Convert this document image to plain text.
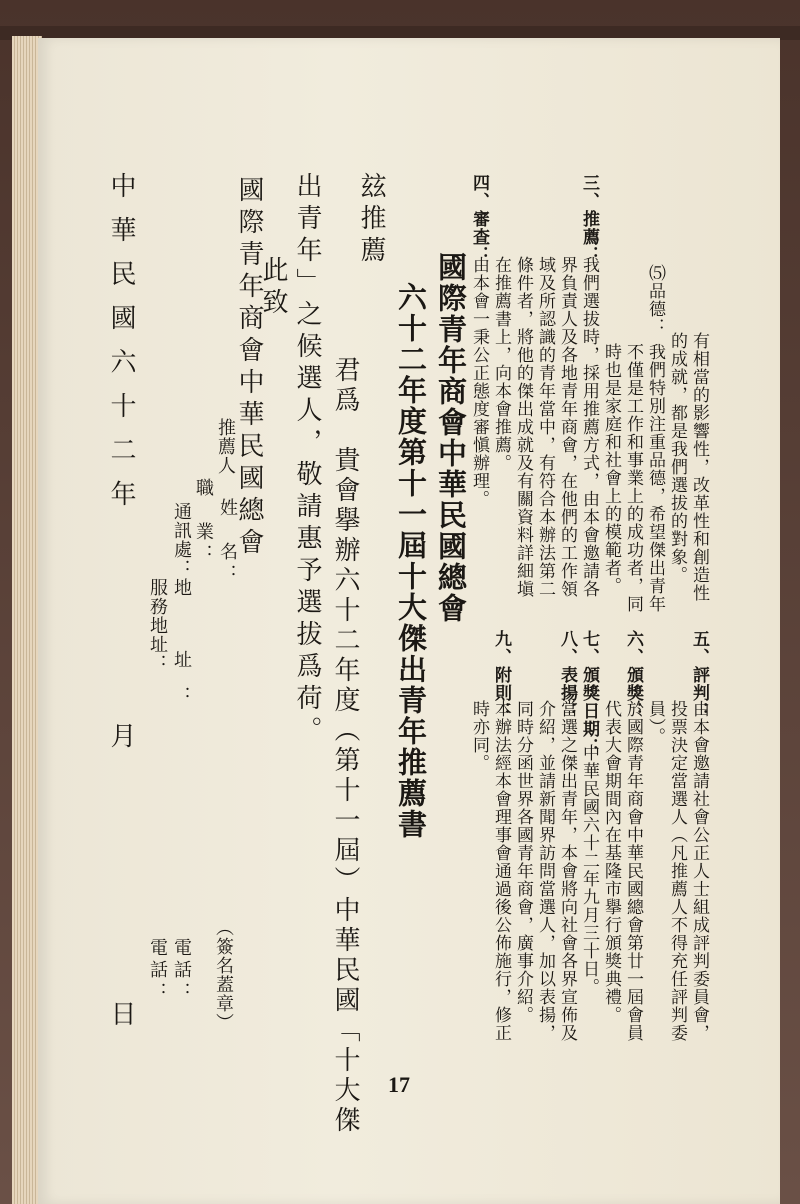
有相當的影響性，改革性和創造性
的成就，都是我們選拔的對象。
⑸品德：
我們特別注重品德，希望傑出青年
不僅是工作和事業上的成功者，同
時也是家庭和社會上的模範者。
三、推薦：
我們選拔時，採用推薦方式，由本會邀請各
界負責人及各地青年商會，在他們的工作領
域及所認識的青年當中，有符合本辦法第二
條件者，將他的傑出成就及有關資料詳細塡
在推薦書上，向本會推薦。
四、審查：
由本會一秉公正態度審愼辦理。
五、評判：
由本會邀請社會公正人士組成評判委員會，
投票決定當選人（凡推薦人不得充任評判委
員）。
六、頒獎：
於國際青年商會中華民國總會第廿一屆會員
代表大會期間內在基隆市擧行頒獎典禮。
七、頒獎日期：
中華民國六十二年九月三十日。
八、表揚：
當選之傑出青年，本會將向社會各界宣佈及
介紹，並請新聞界訪問當選人，加以表揚，
同時分函世界各國青年商會，廣事介紹。
九、附則：
本辦法經本會理事會通過後公佈施行，修正
時亦同。
國際青年商會中華民國總會
六十二年度第十一屆十大傑出青年推薦書
玆推薦
君爲　貴會擧辦六十二年度（第十一屆）中華民國「十大傑
出青年」之候選人，敬請惠予選拔爲荷。
此致
國際青年商會中華民國總會
推薦人
姓　名：
（簽名蓋章）
職　業：
通訊處：
地　址：
電話：
服務地址：
電話：
中華民國六十二年
月
日
17
